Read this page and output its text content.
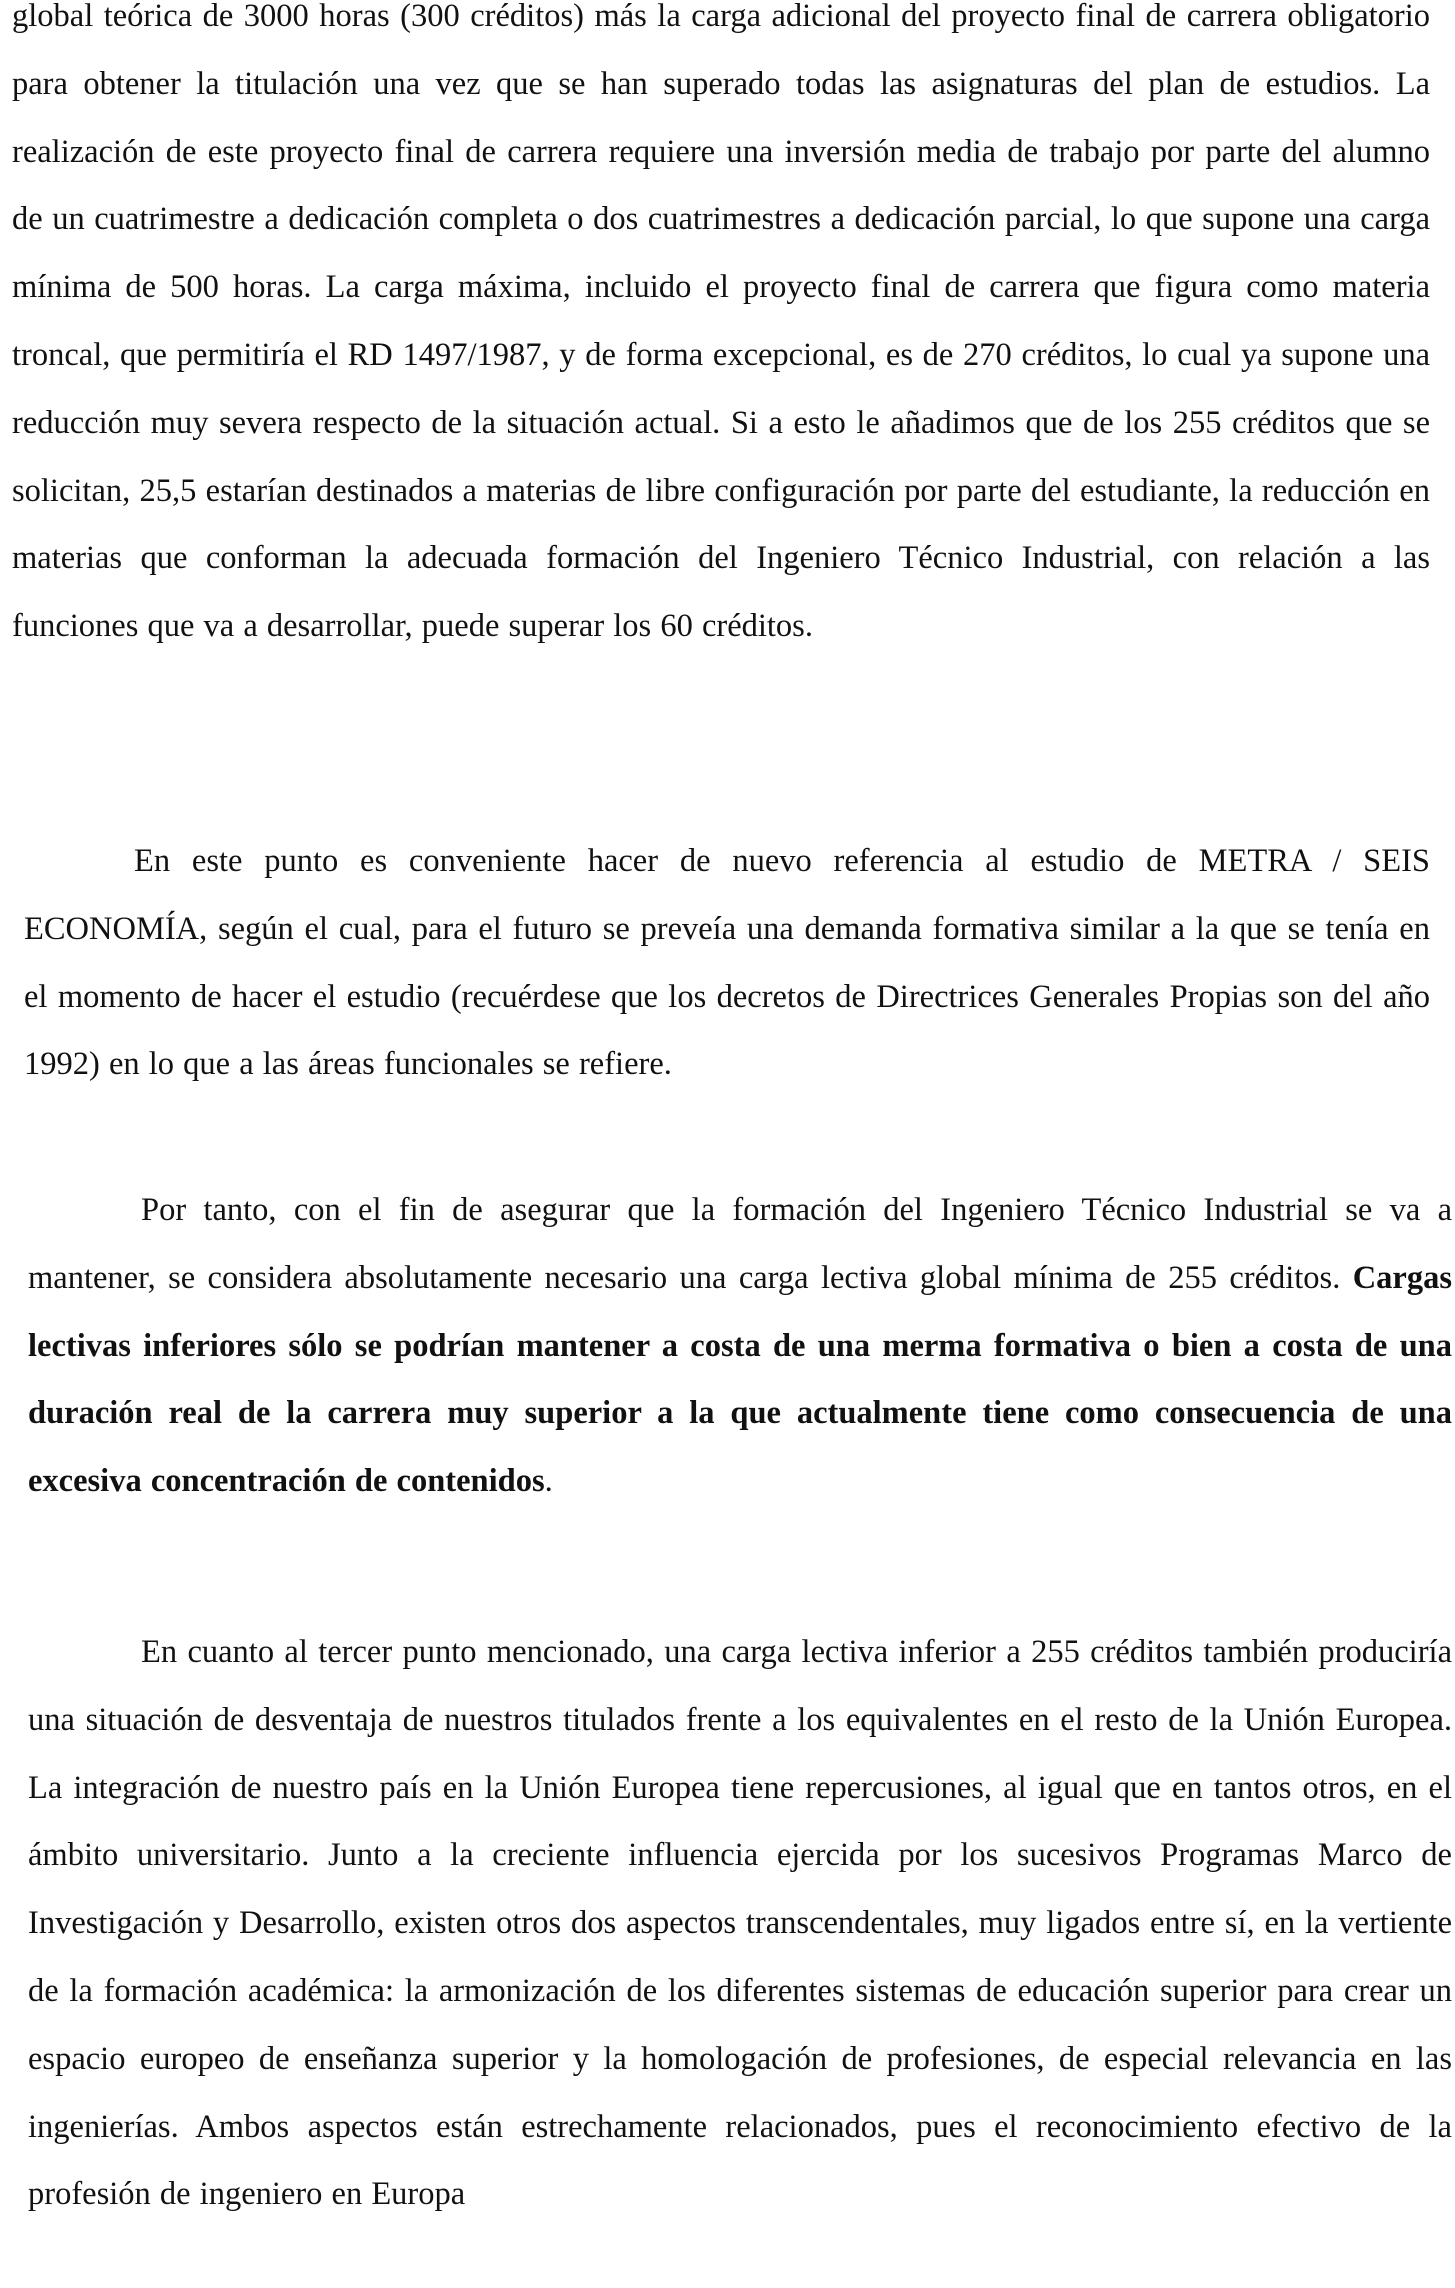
global teórica de 3000 horas (300 créditos) más la carga adicional del proyecto final de carrera obligatorio para obtener la titulación una vez que se han superado todas las asignaturas del plan de estudios. La realización de este proyecto final de carrera requiere una inversión media de trabajo por parte del alumno de un cuatrimestre a dedicación completa o dos cuatrimestres a dedicación parcial, lo que supone una carga mínima de 500 horas. La carga máxima, incluido el proyecto final de carrera que figura como materia troncal, que permitiría el RD 1497/1987, y de forma excepcional, es de 270 créditos, lo cual ya supone una reducción muy severa respecto de la situación actual. Si a esto le añadimos que de los 255 créditos que se solicitan, 25,5 estarían destinados a materias de libre configuración por parte del estudiante, la reducción en materias que conforman la adecuada formación del Ingeniero Técnico Industrial, con relación a las funciones que va a desarrollar, puede superar los 60 créditos.

En este punto es conveniente hacer de nuevo referencia al estudio de METRA / SEIS ECONOMÍA, según el cual, para el futuro se preveía una demanda formativa similar a la que se tenía en el momento de hacer el estudio (recuérdese que los decretos de Directrices Generales Propias son del año 1992) en lo que a las áreas funcionales se refiere.

Por tanto, con el fin de asegurar que la formación del Ingeniero Técnico Industrial se va a mantener, se considera absolutamente necesario una carga lectiva global mínima de 255 créditos. Cargas lectivas inferiores sólo se podrían mantener a costa de una merma formativa o bien a costa de una duración real de la carrera muy superior a la que actualmente tiene como consecuencia de una excesiva concentración de contenidos.

En cuanto al tercer punto mencionado, una carga lectiva inferior a 255 créditos también produciría una situación de desventaja de nuestros titulados frente a los equivalentes en el resto de la Unión Europea. La integración de nuestro país en la Unión Europea tiene repercusiones, al igual que en tantos otros, en el ámbito universitario. Junto a la creciente influencia ejercida por los sucesivos Programas Marco de Investigación y Desarrollo, existen otros dos aspectos transcendentales, muy ligados entre sí, en la vertiente de la formación académica: la armonización de los diferentes sistemas de educación superior para crear un espacio europeo de enseñanza superior y la homologación de profesiones, de especial relevancia en las ingenierías. Ambos aspectos están estrechamente relacionados, pues el reconocimiento efectivo de la profesión de ingeniero en Europa
